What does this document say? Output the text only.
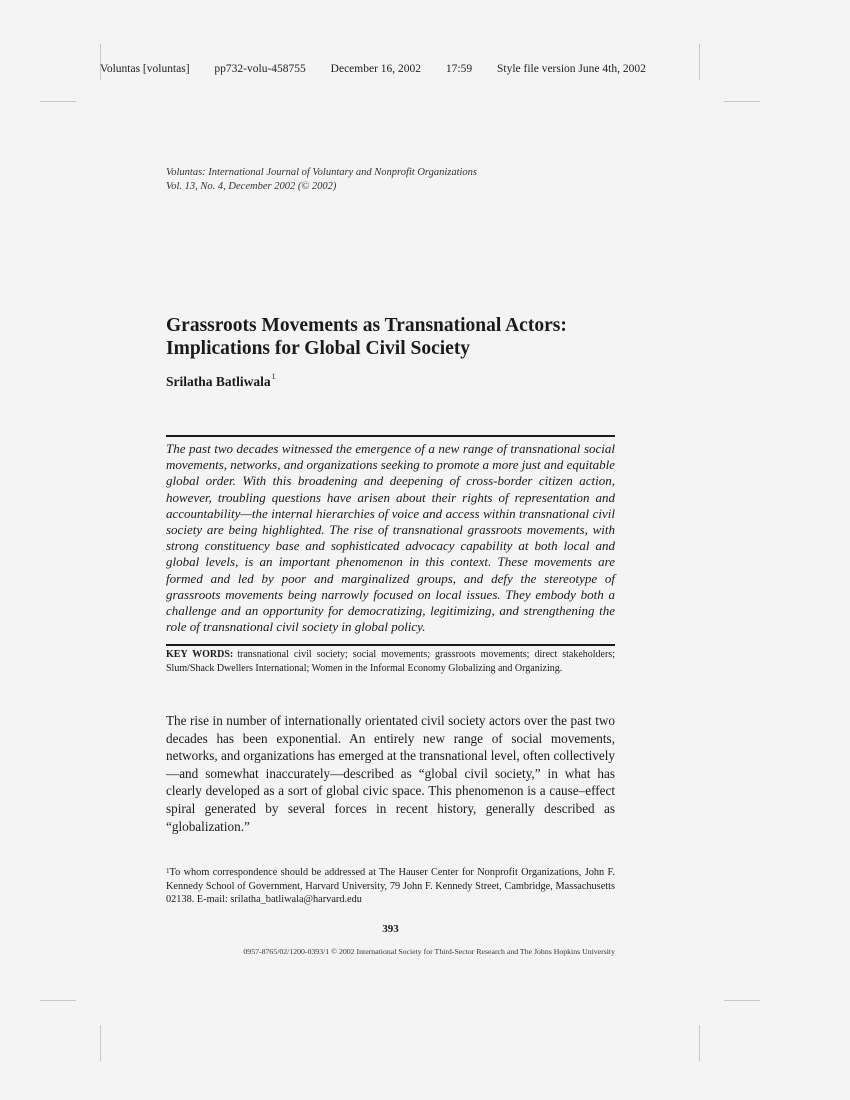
Voluntas [voluntas] pp732-volu-458755 December 16, 2002 17:59 Style file version June 4th, 2002
Voluntas: International Journal of Voluntary and Nonprofit Organizations
Vol. 13, No. 4, December 2002 (© 2002)
Grassroots Movements as Transnational Actors:
Implications for Global Civil Society
Srilatha Batliwala$^1$

The past two decades witnessed the emergence of a new range of transnational social movements, networks, and organizations seeking to promote a more just and equitable global order. With this broadening and deepening of cross-border citizen action, however, troubling questions have arisen about their rights of representation and accountability—the internal hierarchies of voice and access within transnational civil society are being highlighted. The rise of transnational grassroots movements, with strong constituency base and sophisticated advocacy capability at both local and global levels, is an important phenomenon in this context. These movements are formed and led by poor and marginalized groups, and defy the stereotype of grassroots movements being narrowly focused on local issues. They embody both a challenge and an opportunity for democratizing, legitimizing, and strengthening the role of transnational civil society in global policy.

KEY WORDS: transnational civil society; social movements; grassroots movements; direct stakeholders; Slum/Shack Dwellers International; Women in the Informal Economy Globalizing and Organizing.

The rise in number of internationally orientated civil society actors over the past two decades has been exponential. An entirely new range of social movements, networks, and organizations has emerged at the transnational level, often collectively—and somewhat inaccurately—described as “global civil society,” in what has clearly developed as a sort of global civic space. This phenomenon is a cause–effect spiral generated by several forces in recent history, generally described as “globalization.”

$^1$To whom correspondence should be addressed at The Hauser Center for Nonprofit Organizations, John F. Kennedy School of Government, Harvard University, 79 John F. Kennedy Street, Cambridge, Massachusetts 02138. E-mail: srilatha_batliwala@harvard.edu

393
0957-8765/02/1200-0393/1 © 2002 International Society for Third-Sector Research and The Johns Hopkins University
